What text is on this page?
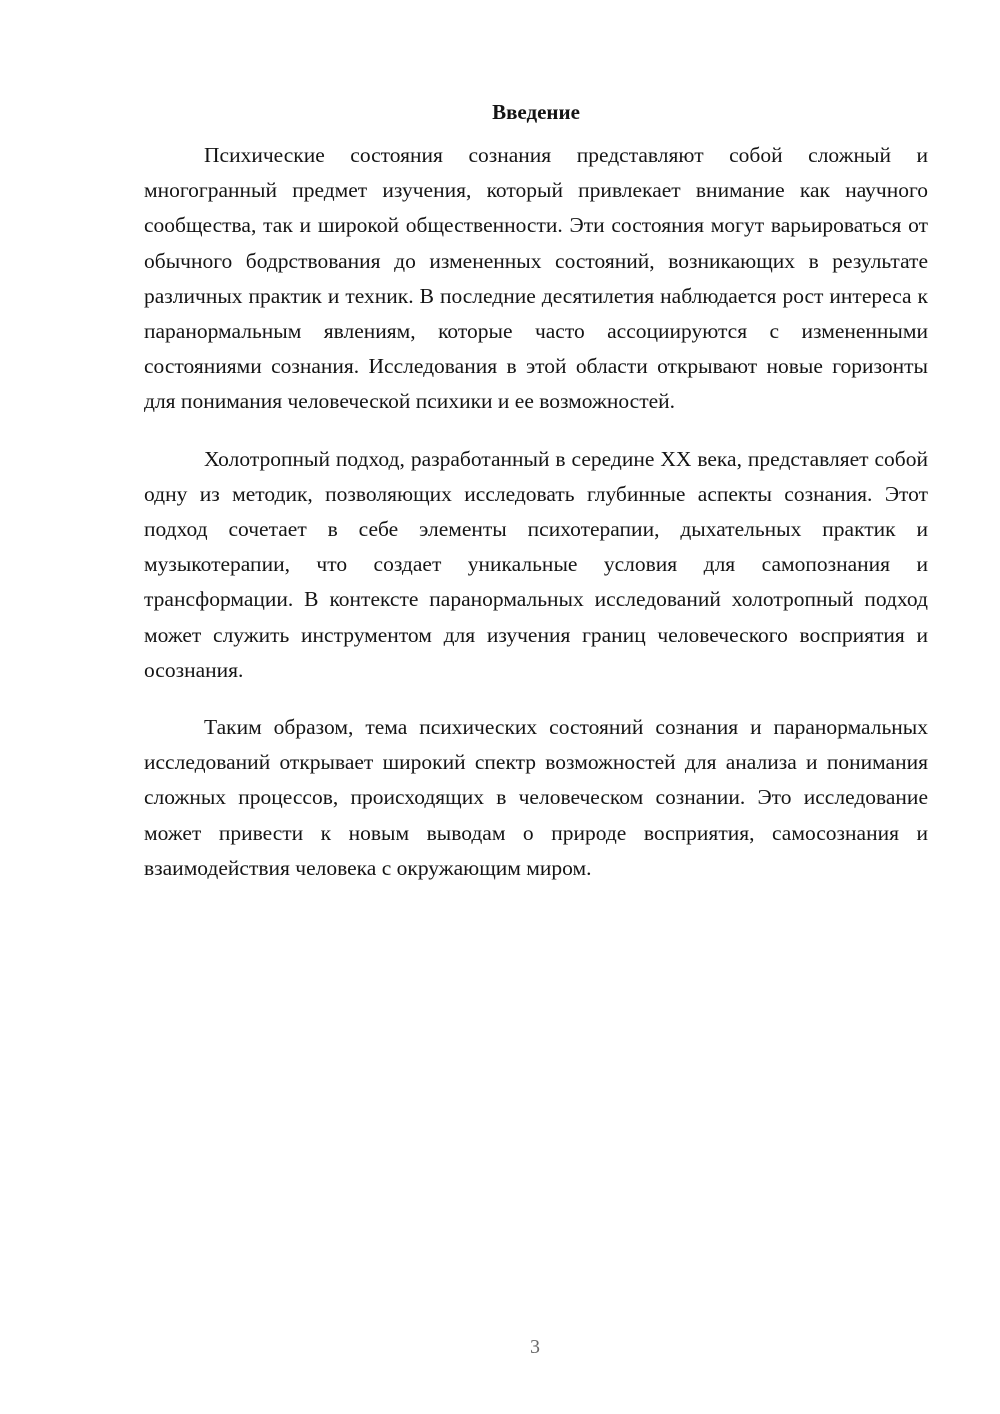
Введение

Психические состояния сознания представляют собой сложный и многогранный предмет изучения, который привлекает внимание как научного сообщества, так и широкой общественности. Эти состояния могут варьироваться от обычного бодрствования до измененных состояний, возникающих в результате различных практик и техник. В последние десятилетия наблюдается рост интереса к паранормальным явлениям, которые часто ассоциируются с измененными состояниями сознания. Исследования в этой области открывают новые горизонты для понимания человеческой психики и ее возможностей.

Холотропный подход, разработанный в середине XX века, представляет собой одну из методик, позволяющих исследовать глубинные аспекты сознания. Этот подход сочетает в себе элементы психотерапии, дыхательных практик и музыкотерапии, что создает уникальные условия для самопознания и трансформации. В контексте паранормальных исследований холотропный подход может служить инструментом для изучения границ человеческого восприятия и осознания.

Таким образом, тема психических состояний сознания и паранормальных исследований открывает широкий спектр возможностей для анализа и понимания сложных процессов, происходящих в человеческом сознании. Это исследование может привести к новым выводам о природе восприятия, самосознания и взаимодействия человека с окружающим миром.

3
